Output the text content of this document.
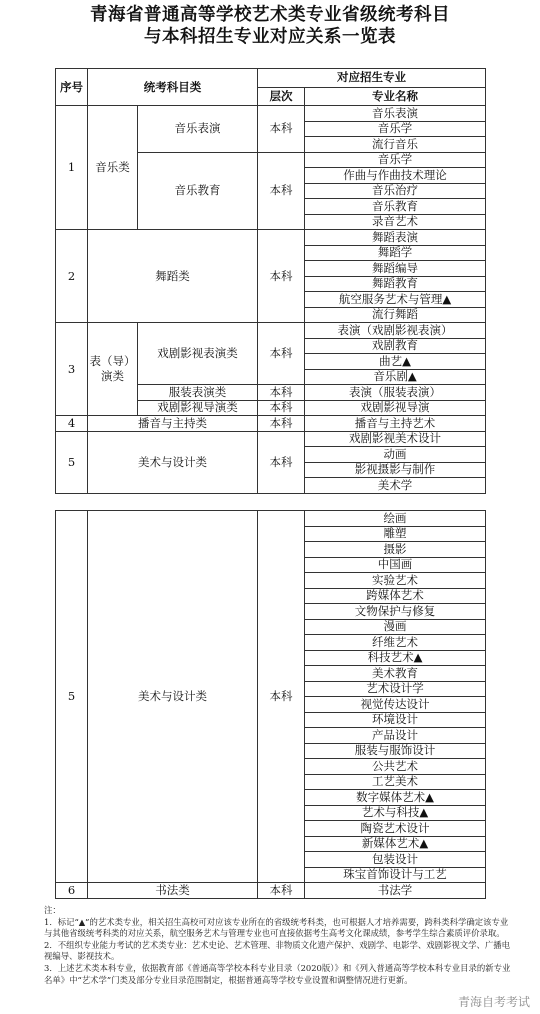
青海省普通高等学校艺术类专业省级统考科目
与本科招生专业对应关系一览表
序号	统考科目类		对应招生专业	
			层次	专业名称
1	音乐类	音乐表演	本科	音乐表演
				音乐学
				流行音乐
		音乐教育	本科	音乐学
				作曲与作曲技术理论
				音乐治疗
				音乐教育
				录音艺术
2	舞蹈类		本科	舞蹈表演
				舞蹈学
				舞蹈编导
				舞蹈教育
				航空服务艺术与管理▲
				流行舞蹈
3	表（导）演类	戏剧影视表演类	本科	表演（戏剧影视表演）
				戏剧教育
				曲艺▲
				音乐剧▲
		服装表演类	本科	表演（服装表演）
		戏剧影视导演类	本科	戏剧影视导演
4	播音与主持类		本科	播音与主持艺术
5	美术与设计类		本科	戏剧影视美术设计
				动画
				影视摄影与制作
				美术学
5	美术与设计类	本科	绘画
			雕塑
			摄影
			中国画
			实验艺术
			跨媒体艺术
			文物保护与修复
			漫画
			纤维艺术
			科技艺术▲
			美术教育
			艺术设计学
			视觉传达设计
			环境设计
			产品设计
			服装与服饰设计
			公共艺术
			工艺美术
			数字媒体艺术▲
			艺术与科技▲
			陶瓷艺术设计
			新媒体艺术▲
			包装设计
			珠宝首饰设计与工艺
6	书法类	本科	书法学
注：
1．标记“▲”的艺术类专业，相关招生高校可对应该专业所在的省级统考科类，也可根据人才培养需要，跨科类科学确定该专业与其他省级统考科类的对应关系，航空服务艺术与管理专业也可直接依据考生高考文化课成绩，参考学生综合素质评价录取。
2．不组织专业能力考试的艺术类专业：艺术史论、艺术管理、非物质文化遗产保护、戏剧学、电影学、戏剧影视文学、广播电视编导、影视技术。
3．上述艺术类本科专业，依据教育部《普通高等学校本科专业目录（2020版）》和《列入普通高等学校本科专业目录的新专业名单》中“艺术学”门类及部分专业目录范围制定，根据普通高等学校专业设置和调整情况进行更新。
青海自考考试
